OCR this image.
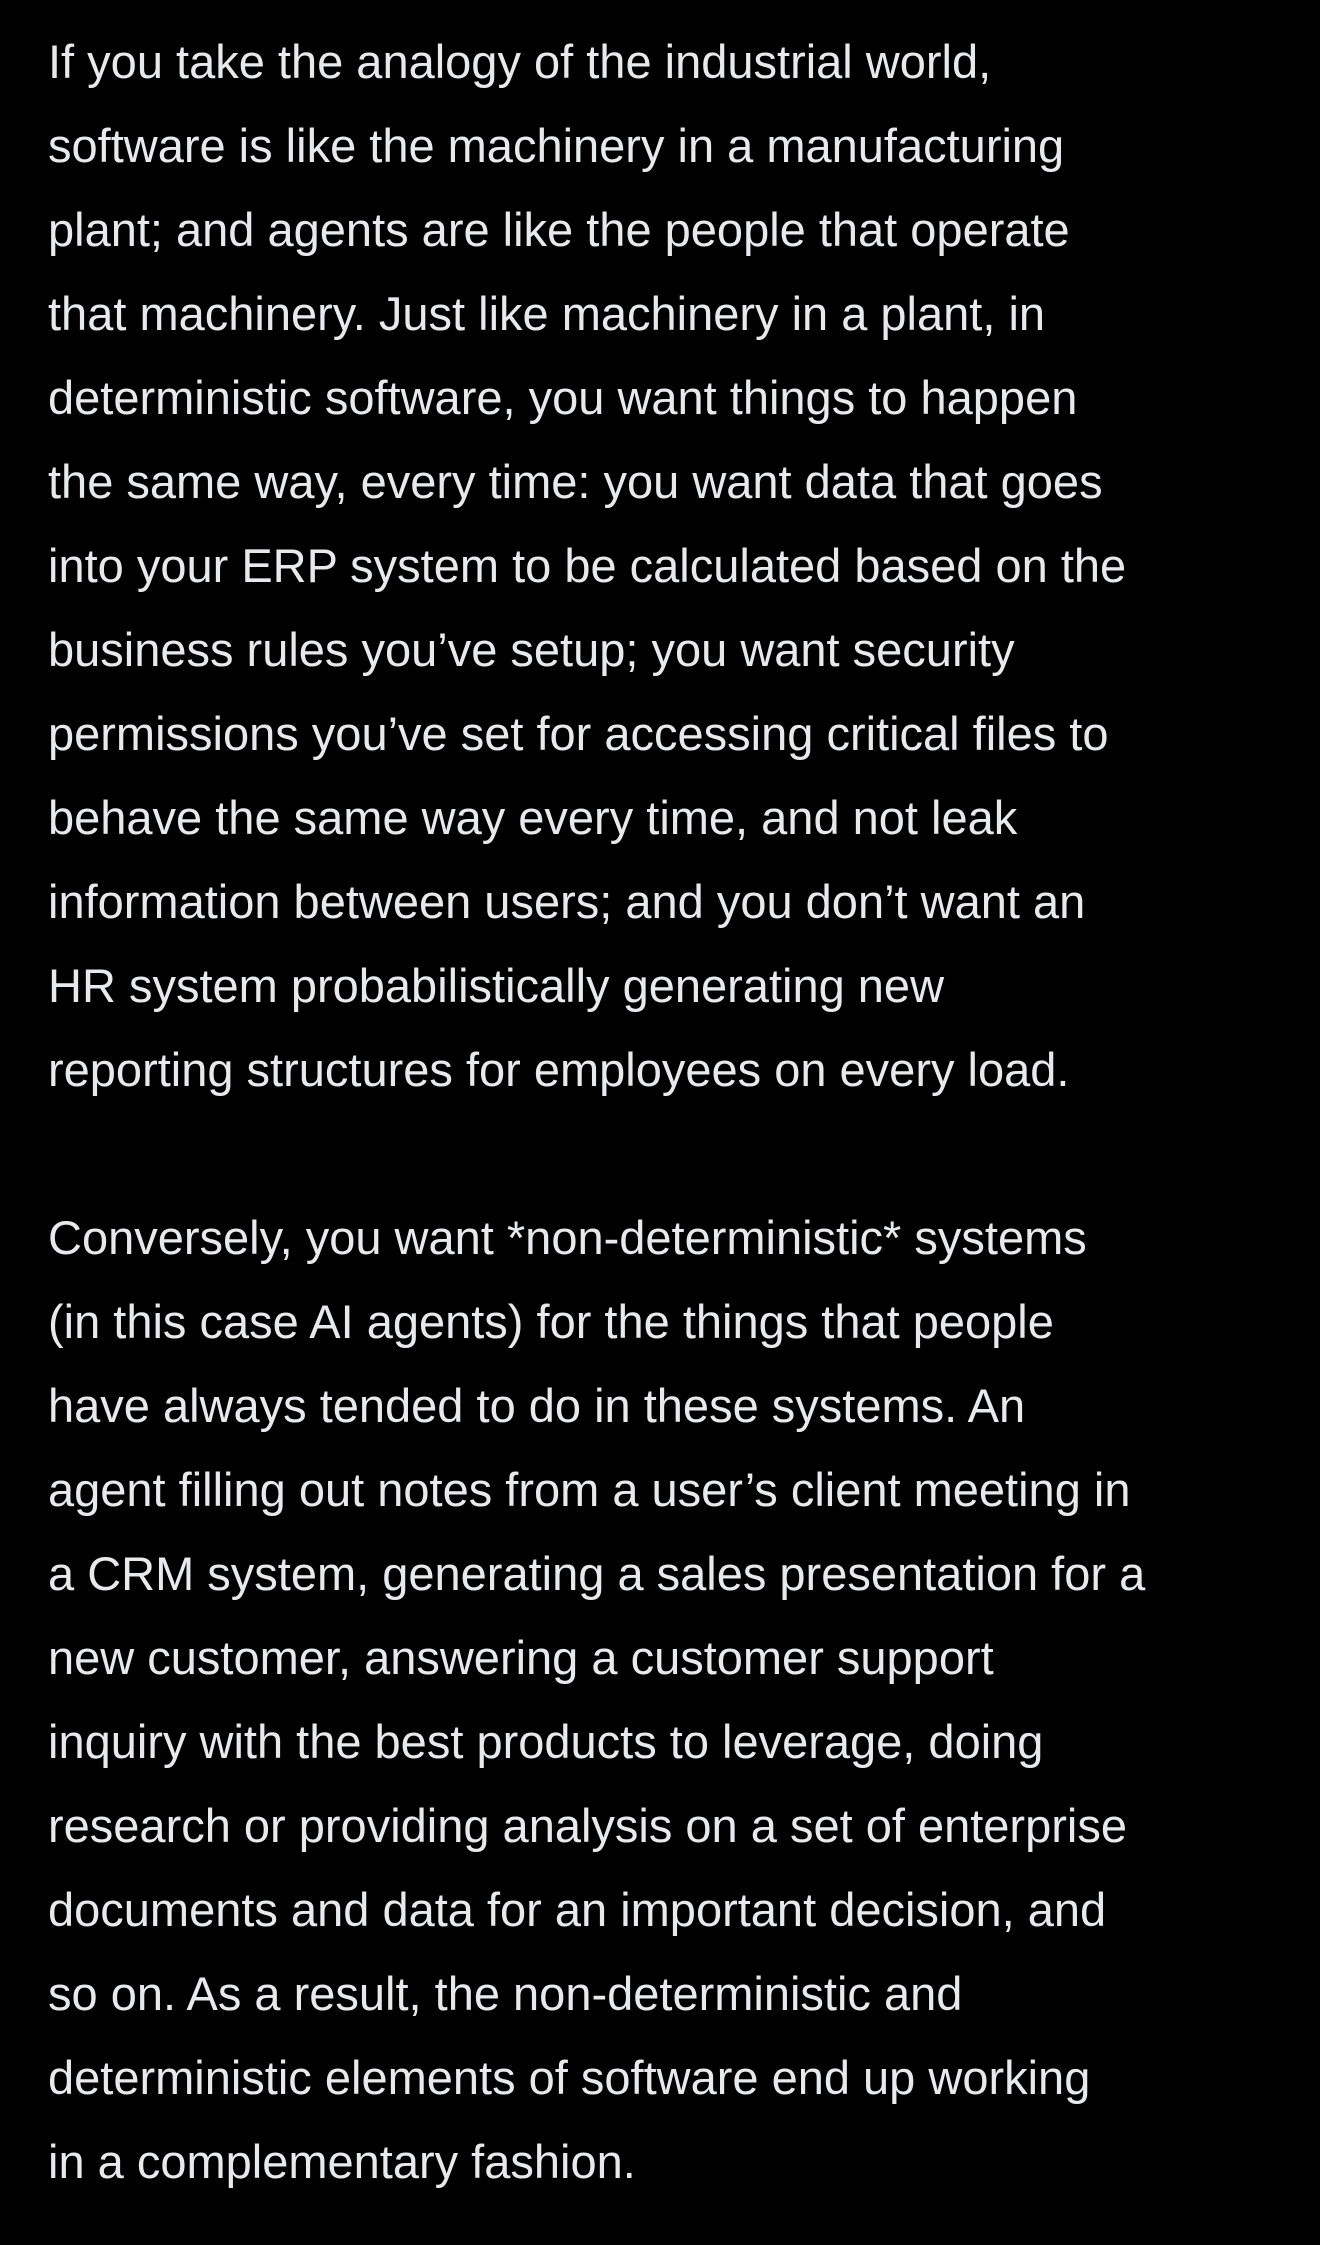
If you take the analogy of the industrial world,
software is like the machinery in a manufacturing
plant; and agents are like the people that operate
that machinery. Just like machinery in a plant, in
deterministic software, you want things to happen
the same way, every time: you want data that goes
into your ERP system to be calculated based on the
business rules you’ve setup; you want security
permissions you’ve set for accessing critical files to
behave the same way every time, and not leak
information between users; and you don’t want an
HR system probabilistically generating new
reporting structures for employees on every load.
Conversely, you want *non-deterministic* systems
(in this case AI agents) for the things that people
have always tended to do in these systems. An
agent filling out notes from a user’s client meeting in
a CRM system, generating a sales presentation for a
new customer, answering a customer support
inquiry with the best products to leverage, doing
research or providing analysis on a set of enterprise
documents and data for an important decision, and
so on. As a result, the non-deterministic and
deterministic elements of software end up working
in a complementary fashion.
